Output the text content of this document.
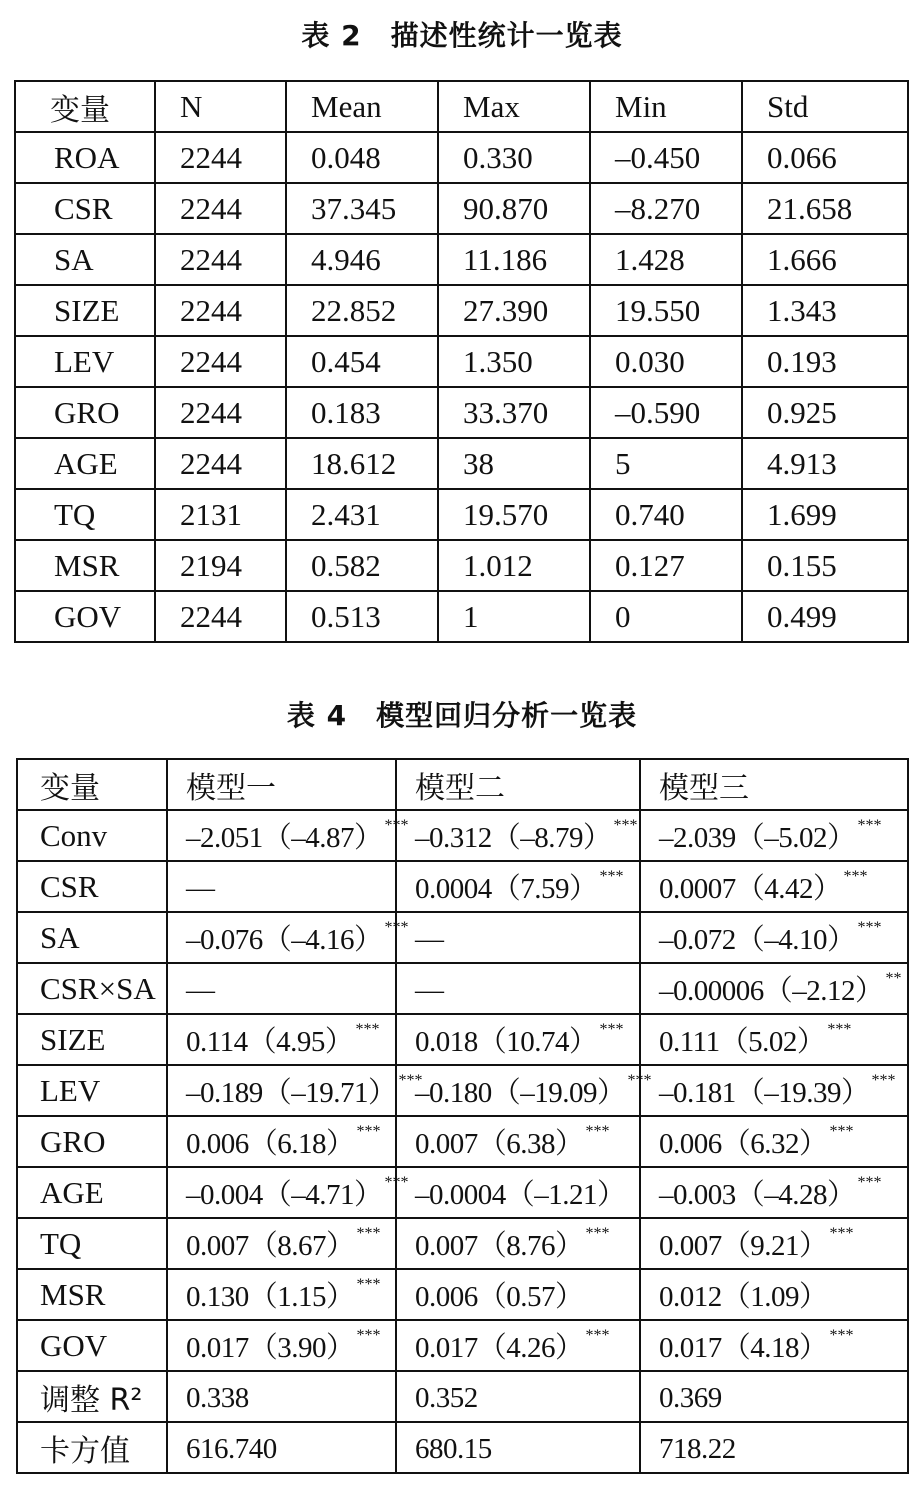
表 2　描述性统计一览表
变量	N	Mean	Max	Min	Std
ROA	2244	0.048	0.330	–0.450	0.066
CSR	2244	37.345	90.870	–8.270	21.658
SA	2244	4.946	11.186	1.428	1.666
SIZE	2244	22.852	27.390	19.550	1.343
LEV	2244	0.454	1.350	0.030	0.193
GRO	2244	0.183	33.370	–0.590	0.925
AGE	2244	18.612	38	5	4.913
TQ	2131	2.431	19.570	0.740	1.699
MSR	2194	0.582	1.012	0.127	0.155
GOV	2244	0.513	1	0	0.499
表 4　模型回归分析一览表
变量	模型一	模型二	模型三
Conv	–2.051（–4.87） ***	–0.312（–8.79） ***	–2.039（–5.02） ***
CSR	—	0.0004（7.59） ***	0.0007（4.42） ***
SA	–0.076（–4.16） ***	—	–0.072（–4.10） ***
CSR×SA	—	—	–0.00006（–2.12） **
SIZE	0.114（4.95） ***	0.018（10.74） ***	0.111（5.02） ***
LEV	–0.189（–19.71） ***	–0.180（–19.09） ***	–0.181（–19.39） ***
GRO	0.006（6.18） ***	0.007（6.38） ***	0.006（6.32） ***
AGE	–0.004（–4.71） ***	–0.0004（–1.21）	–0.003（–4.28） ***
TQ	0.007（8.67） ***	0.007（8.76） ***	0.007（9.21） ***
MSR	0.130（1.15） ***	0.006（0.57）	0.012（1.09）
GOV	0.017（3.90） ***	0.017（4.26） ***	0.017（4.18） ***
调整 R²	0.338	0.352	0.369
卡方值	616.740	680.15	718.22
